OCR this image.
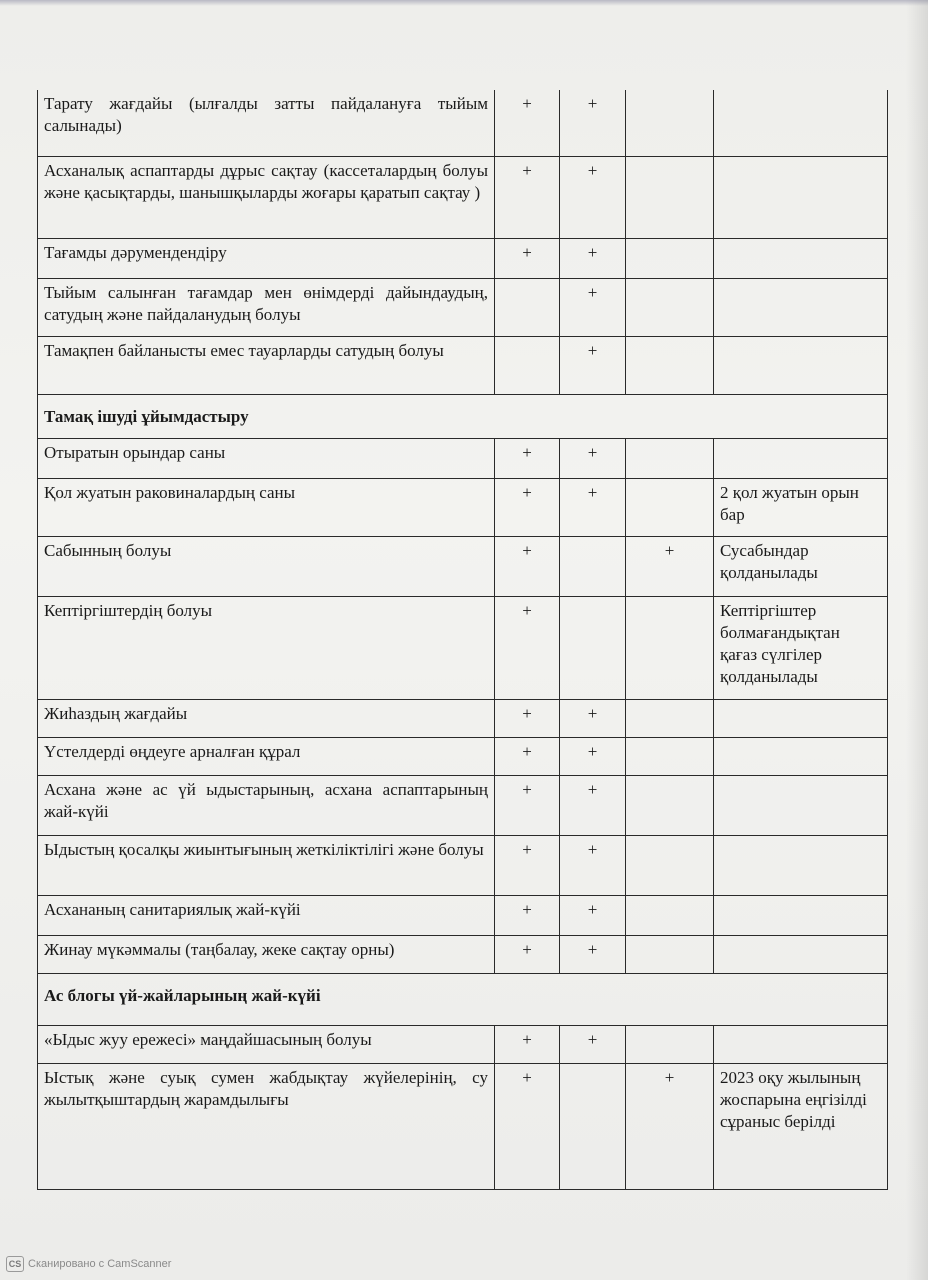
Тарату жағдайы (ылғалды затты пайдалануға тыйым салынады)	+	+		
Асханалық аспаптарды дұрыс сақтау (кассеталардың болуы және қасықтарды, шанышқыларды жоғары қаратып сақтау )	+	+		
Тағамды дәрумендендіру	+	+		
Тыйым салынған тағамдар мен өнімдерді дайындаудың, сатудың және пайдаланудың болуы		+		
Тамақпен байланысты емес тауарларды сатудың болуы		+		
Тамақ ішуді ұйымдастыру				
Отыратын орындар саны	+	+		
Қол жуатын раковиналардың саны	+	+		2 қол жуатын орын бар
Сабынның болуы	+		+	Сусабындар қолданылады
Кептіргіштердің болуы	+			Кептіргіштер болмағандықтан қағаз сүлгілер қолданылады
Жиһаздың жағдайы	+	+		
Үстелдерді өңдеуге арналған құрал	+	+		
Асхана және ас үй ыдыстарының, асхана аспаптарының жай-күйі	+	+		
Ыдыстың қосалқы жиынтығының жеткіліктілігі және болуы	+	+		
Асхананың санитариялық жай-күйі	+	+		
Жинау мүкәммалы (таңбалау, жеке сақтау орны)	+	+		
Ас блогы үй-жайларының жай-күйі				
«Ыдыс жуу ережесі» маңдайшасының болуы	+	+		
Ыстық және суық сумен жабдықтау жүйелерінің, су жылытқыштардың жарамдылығы	+		+	2023 оқу жылының жоспарына еңгізілді сұраныс берілді
CS Сканировано с CamScanner
